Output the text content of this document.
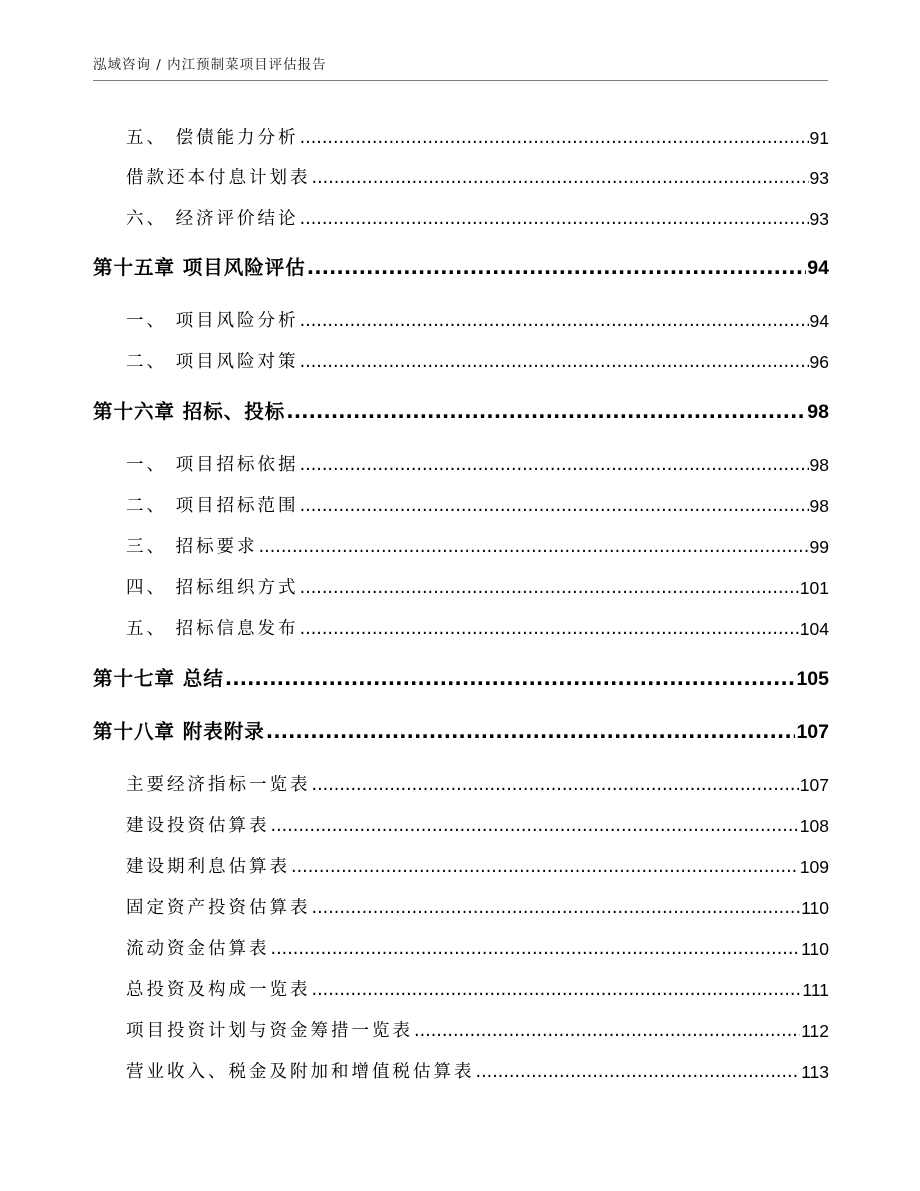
泓域咨询 / 内江预制菜项目评估报告
五、 偿债能力分析 .....	91
借款还本付息计划表 .....	93
六、 经济评价结论 .....	93
第十五章 项目风险评估 .....	94
一、 项目风险分析 .....	94
二、 项目风险对策 .....	96
第十六章 招标、投标 .....	98
一、 项目招标依据 .....	98
二、 项目招标范围 .....	98
三、 招标要求 .....	99
四、 招标组织方式 .....	101
五、 招标信息发布 .....	104
第十七章 总结 .....	105
第十八章 附表附录 .....	107
主要经济指标一览表 .....	107
建设投资估算表 .....	108
建设期利息估算表 .....	109
固定资产投资估算表 .....	110
流动资金估算表 .....	110
总投资及构成一览表 .....	111
项目投资计划与资金筹措一览表 .....	112
营业收入、税金及附加和增值税估算表 .....	113
